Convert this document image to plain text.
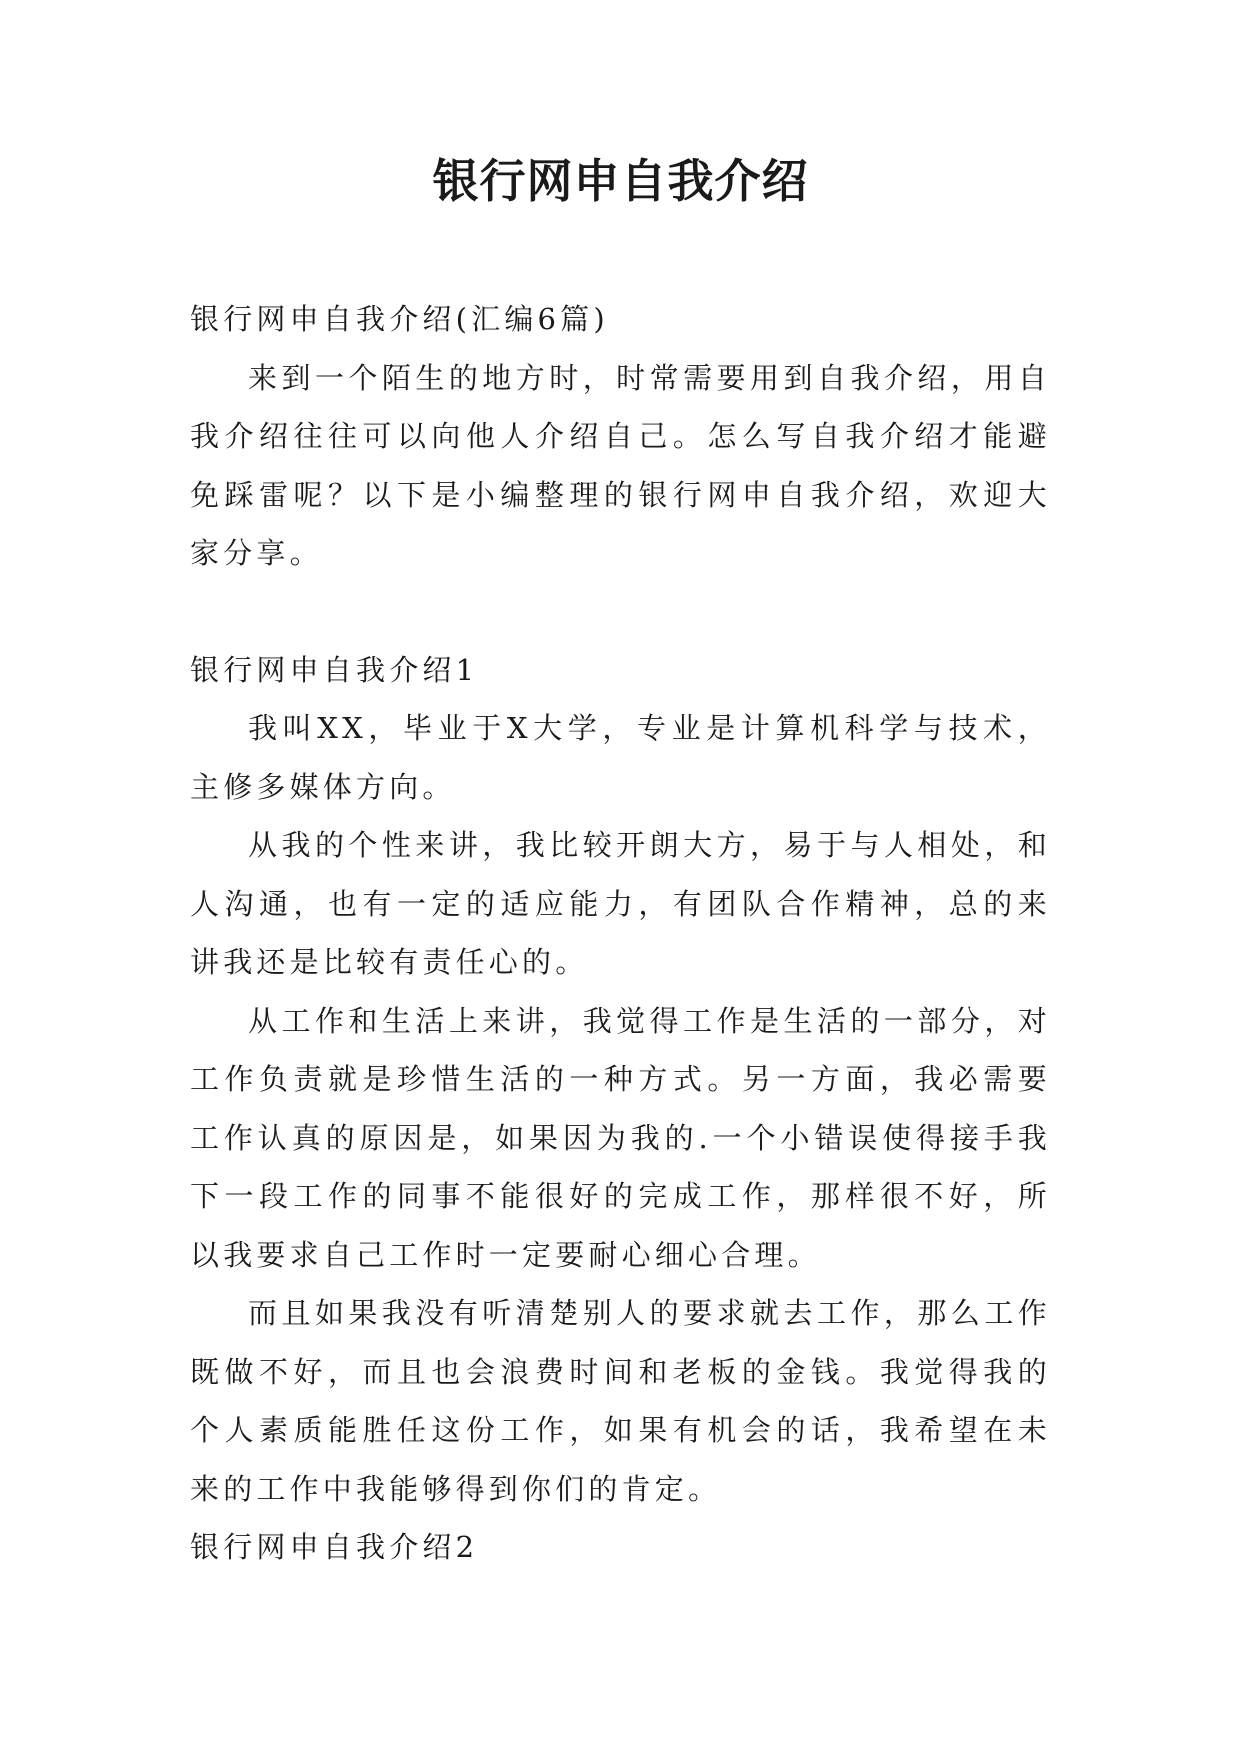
银行网申自我介绍

银行网申自我介绍(汇编6篇)

来到一个陌生的地方时，时常需要用到自我介绍，用自我介绍往往可以向他人介绍自己。怎么写自我介绍才能避免踩雷呢？以下是小编整理的银行网申自我介绍，欢迎大家分享。

银行网申自我介绍1

我叫XX，毕业于X大学，专业是计算机科学与技术，主修多媒体方向。

从我的个性来讲，我比较开朗大方，易于与人相处，和人沟通，也有一定的适应能力，有团队合作精神，总的来讲我还是比较有责任心的。

从工作和生活上来讲，我觉得工作是生活的一部分，对工作负责就是珍惜生活的一种方式。另一方面，我必需要工作认真的原因是，如果因为我的.一个小错误使得接手我下一段工作的同事不能很好的完成工作，那样很不好，所以我要求自己工作时一定要耐心细心合理。

而且如果我没有听清楚别人的要求就去工作，那么工作既做不好，而且也会浪费时间和老板的金钱。我觉得我的个人素质能胜任这份工作，如果有机会的话，我希望在未来的工作中我能够得到你们的肯定。

银行网申自我介绍2
